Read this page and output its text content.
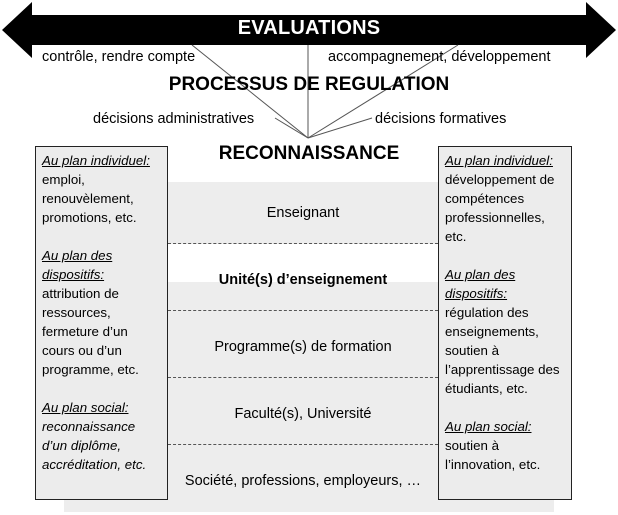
EVALUATIONS
contrôle, rendre compte	accompagnement, développement
PROCESSUS DE REGULATION
décisions administratives	décisions formatives
RECONNAISSANCE
Enseignant
Unité(s) d’enseignement
Programme(s) de formation
Faculté(s), Université
Société, professions, employeurs, …
Au plan individuel:
emploi, renouvèlement, promotions, etc.
Au plan des dispositifs:
attribution de ressources, fermeture d’un cours ou d’un programme, etc.
Au plan social:
reconnaissance d’un diplôme, accréditation, etc.
Au plan individuel:
développement de compétences professionnelles, etc.
Au plan des dispositifs:
régulation des enseignements, soutien à l’apprentissage des étudiants, etc.
Au plan social:
soutien à l’innovation, etc.
